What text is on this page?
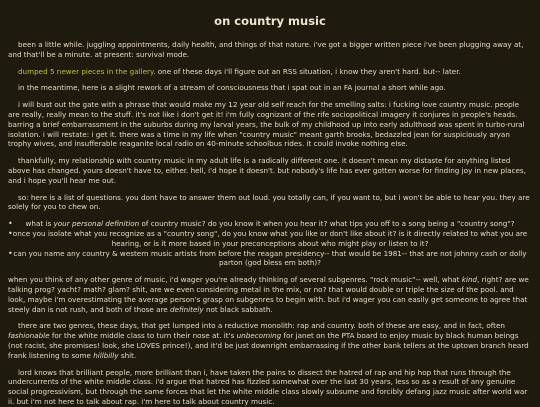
on country music

been a little while. juggling appointments, daily health, and things of that nature. i've got a bigger written piece i've been plugging away at, and that'll be a minute. at present: survival mode.

dumped 5 newer pieces in the gallery. one of these days i'll figure out an RSS situation, i know they aren't hard. but-- later.

in the meantime, here is a slight rework of a stream of consciousness that i spat out in an FA journal a short while ago.

i will bust out the gate with a phrase that would make my 12 year old self reach for the smelling salts: i fucking love country music. people are really, really mean to the stuff. it's not like i don't get it! i'm fully cognizant of the rife sociopolitical imagery it conjures in people's heads. barring a brief embarrassment in the suburbs during my larval years, the bulk of my childhood up into early adulthood was spent in turbo-rural isolation. i will restate: i get it. there was a time in my life when "country music" meant garth brooks, bedazzled jean for suspiciously aryan trophy wives, and insufferable reaganite local radio on 40-minute schoolbus rides. it could invoke nothing else.

thankfully, my relationship with country music in my adult life is a radically different one. it doesn't mean my distaste for anything listed above has changed. yours doesn't have to, either. hell, i'd hope it doesn't. but nobody's life has ever gotten worse for finding joy in new places, and i hope you'll hear me out.

so: here is a list of questions. you dont have to answer them out loud. you totally can, if you want to, but i won't be able to hear you. they are solely for you to chew on.

• what is your personal definition of country music? do you know it when you hear it? what tips you off to a song being a "country song"?
• once you isolate what you recognize as a "country song", do you know what you like or don't like about it? is it directly related to what you are hearing, or is it more based in your preconceptions about who might play or listen to it?
• can you name any country & western music artists from before the reagan presidency-- that would be 1981-- that are not johnny cash or dolly parton (god bless em both)?

when you think of any other genre of music, i'd wager you're already thinking of several subgenres. "rock music"-- well, what kind, right? are we talking prog? yacht? math? glam? shit, are we even considering metal in the mix, or no? that would double or triple the size of the pool. and look, maybe i'm overestimating the average person's grasp on subgenres to begin with. but i'd wager you can easily get someone to agree that steely dan is not rush, and both of those are definitely not black sabbath.

there are two genres, these days, that get lumped into a reductive monolith: rap and country. both of these are easy, and in fact, often fashionable for the white middle class to turn their nose at. it's unbecoming for janet on the PTA board to enjoy music by black human beings (not racist, she promises! look, she LOVES prince!), and it'd be just downright embarrassing if the other bank tellers at the uptown branch heard frank listening to some hillbilly shit.

lord knows that brilliant people, more brilliant than i, have taken the pains to dissect the hatred of rap and hip hop that runs through the undercurrents of the white middle class. i'd argue that hatred has fizzled somewhat over the last 30 years, less so as a result of any genuine social progressivism, but through the same forces that let the white middle class slowly subsume and forcibly defang jazz music after world war ii. but i'm not here to talk about rap. i'm here to talk about country music.
